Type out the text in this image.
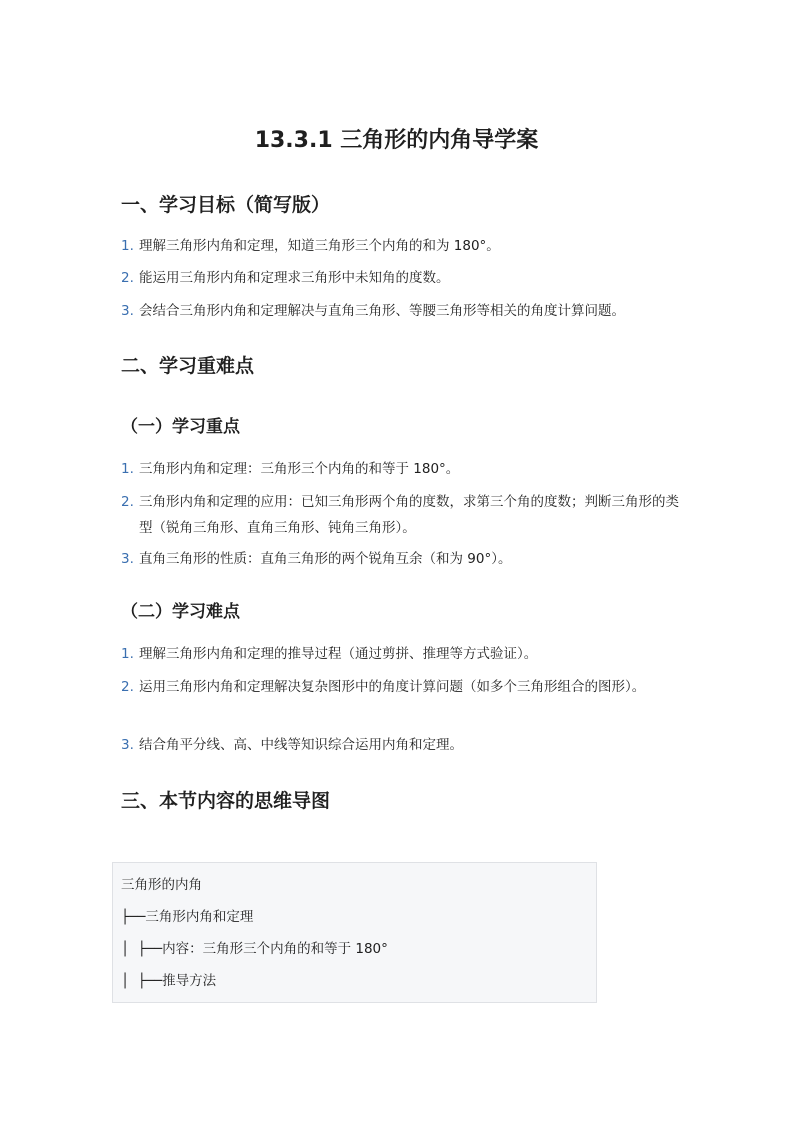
13.3.1 三角形的内角导学案
一、学习目标（简写版）
1. 理解三角形内角和定理，知道三角形三个内角的和为 180°。
2. 能运用三角形内角和定理求三角形中未知角的度数。
3. 会结合三角形内角和定理解决与直角三角形、等腰三角形等相关的角度计算问题。
二、学习重难点
（一）学习重点
1. 三角形内角和定理：三角形三个内角的和等于 180°。
2. 三角形内角和定理的应用：已知三角形两个角的度数，求第三个角的度数；判断三角形的类型（锐角三角形、直角三角形、钝角三角形）。
3. 直角三角形的性质：直角三角形的两个锐角互余（和为 90°）。
（二）学习难点
1. 理解三角形内角和定理的推导过程（通过剪拼、推理等方式验证）。
2. 运用三角形内角和定理解决复杂图形中的角度计算问题（如多个三角形组合的图形）。
3. 结合角平分线、高、中线等知识综合运用内角和定理。
三、本节内容的思维导图
三角形的内角
├──三角形内角和定理
│  ├──内容：三角形三个内角的和等于 180°
│  ├──推导方法
